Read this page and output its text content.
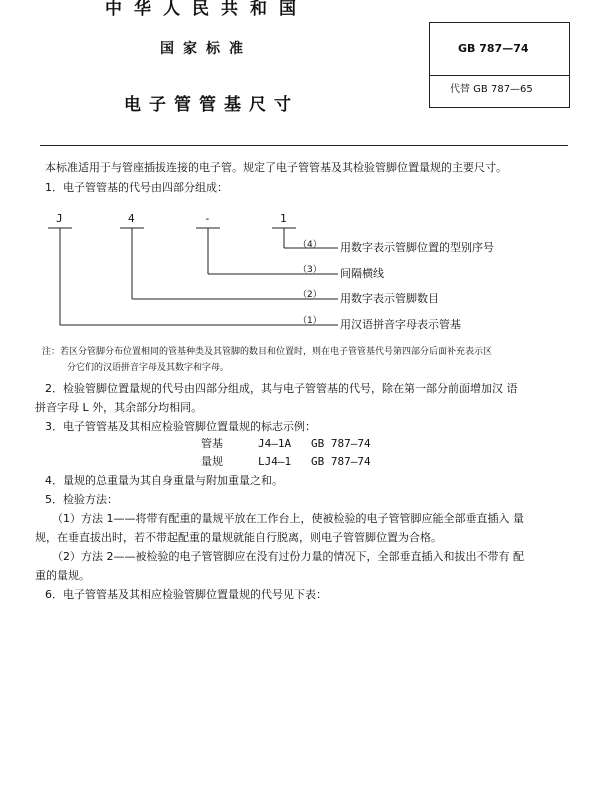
中华人民共和国
国家标准
电子管管基尺寸
GB 787—74
代替 GB 787—65
本标准适用于与管座插拔连接的电子管。规定了电子管管基及其检验管脚位置量规的主要尺寸。
1．电子管管基的代号由四部分组成：
J	4	-	1
（4） 用数字表示管脚位置的型别序号
（3） 间隔横线
（2） 用数字表示管脚数目
（1） 用汉语拼音字母表示管基
注：若区分管脚分布位置相同的管基种类及其管脚的数目和位置时，则在电子管管基代号第四部分后面补充表示区
分它们的汉语拼音字母及其数字和字母。
2．检验管脚位置量规的代号由四部分组成，其与电子管管基的代号，除在第一部分前面增加汉 语
拼音字母 L 外，其余部分均相同。
3．电子管管基及其相应检验管脚位置量规的标志示例：
管基	J4—1A GB 787—74
量规	LJ4—1 GB 787—74
4．量规的总重量为其自身重量与附加重量之和。
5．检验方法：
（1）方法 1——将带有配重的量规平放在工作台上，使被检验的电子管管脚应能全部垂直插入 量
规，在垂直拔出时，若不带起配重的量规就能自行脱离，则电子管管脚位置为合格。
（2）方法 2——被检验的电子管管脚应在没有过份力量的情况下，全部垂直插入和拔出不带有 配
重的量规。
6．电子管管基及其相应检验管脚位置量规的代号见下表：
